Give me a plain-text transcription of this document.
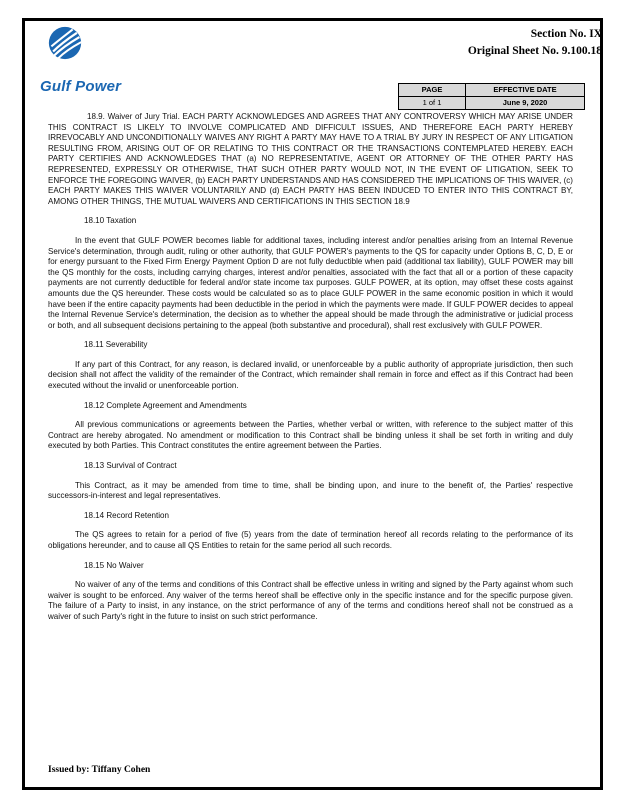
Gulf Power
Section No. IX
Original Sheet No. 9.100.18
PAGE	EFFECTIVE DATE
1 of 1	June 9, 2020

18.9. Waiver of Jury Trial. EACH PARTY ACKNOWLEDGES AND AGREES THAT ANY CONTROVERSY WHICH MAY ARISE UNDER THIS CONTRACT IS LIKELY TO INVOLVE COMPLICATED AND DIFFICULT ISSUES, AND THEREFORE EACH PARTY HEREBY IRREVOCABLY AND UNCONDITIONALLY WAIVES ANY RIGHT A PARTY MAY HAVE TO A TRIAL BY JURY IN RESPECT OF ANY LITIGATION RESULTING FROM, ARISING OUT OF OR RELATING TO THIS CONTRACT OR THE TRANSACTIONS CONTEMPLATED HEREBY. EACH PARTY CERTIFIES AND ACKNOWLEDGES THAT (a) NO REPRESENTATIVE, AGENT OR ATTORNEY OF THE OTHER PARTY HAS REPRESENTED, EXPRESSLY OR OTHERWISE, THAT SUCH OTHER PARTY WOULD NOT, IN THE EVENT OF LITIGATION, SEEK TO ENFORCE THE FOREGOING WAIVER, (b) EACH PARTY UNDERSTANDS AND HAS CONSIDERED THE IMPLICATIONS OF THIS WAIVER, (c) EACH PARTY MAKES THIS WAIVER VOLUNTARILY AND (d) EACH PARTY HAS BEEN INDUCED TO ENTER INTO THIS CONTRACT BY, AMONG OTHER THINGS, THE MUTUAL WAIVERS AND CERTIFICATIONS IN THIS SECTION 18.9

18.10 Taxation

In the event that GULF POWER becomes liable for additional taxes, including interest and/or penalties arising from an Internal Revenue Service's determination, through audit, ruling or other authority, that GULF POWER's payments to the QS for capacity under Options B, C, D, E or for energy pursuant to the Fixed Firm Energy Payment Option D are not fully deductible when paid (additional tax liability), GULF POWER may bill the QS monthly for the costs, including carrying charges, interest and/or penalties, associated with the fact that all or a portion of these capacity payments are not currently deductible for federal and/or state income tax purposes. GULF POWER, at its option, may offset these costs against amounts due the QS hereunder. These costs would be calculated so as to place GULF POWER in the same economic position in which it would have been if the entire capacity payments had been deductible in the period in which the payments were made. If GULF POWER decides to appeal the Internal Revenue Service's determination, the decision as to whether the appeal should be made through the administrative or judicial process or both, and all subsequent decisions pertaining to the appeal (both substantive and procedural), shall rest exclusively with GULF POWER.

18.11 Severability

If any part of this Contract, for any reason, is declared invalid, or unenforceable by a public authority of appropriate jurisdiction, then such decision shall not affect the validity of the remainder of the Contract, which remainder shall remain in force and effect as if this Contract had been executed without the invalid or unenforceable portion.

18.12 Complete Agreement and Amendments

All previous communications or agreements between the Parties, whether verbal or written, with reference to the subject matter of this Contract are hereby abrogated. No amendment or modification to this Contract shall be binding unless it shall be set forth in writing and duly executed by both Parties. This Contract constitutes the entire agreement between the Parties.

18.13 Survival of Contract

This Contract, as it may be amended from time to time, shall be binding upon, and inure to the benefit of, the Parties' respective successors-in-interest and legal representatives.

18.14 Record Retention

The QS agrees to retain for a period of five (5) years from the date of termination hereof all records relating to the performance of its obligations hereunder, and to cause all QS Entities to retain for the same period all such records.

18.15 No Waiver

No waiver of any of the terms and conditions of this Contract shall be effective unless in writing and signed by the Party against whom such waiver is sought to be enforced. Any waiver of the terms hereof shall be effective only in the specific instance and for the specific purpose given. The failure of a Party to insist, in any instance, on the strict performance of any of the terms and conditions hereof shall not be construed as a waiver of such Party's right in the future to insist on such strict performance.

Issued by: Tiffany Cohen
